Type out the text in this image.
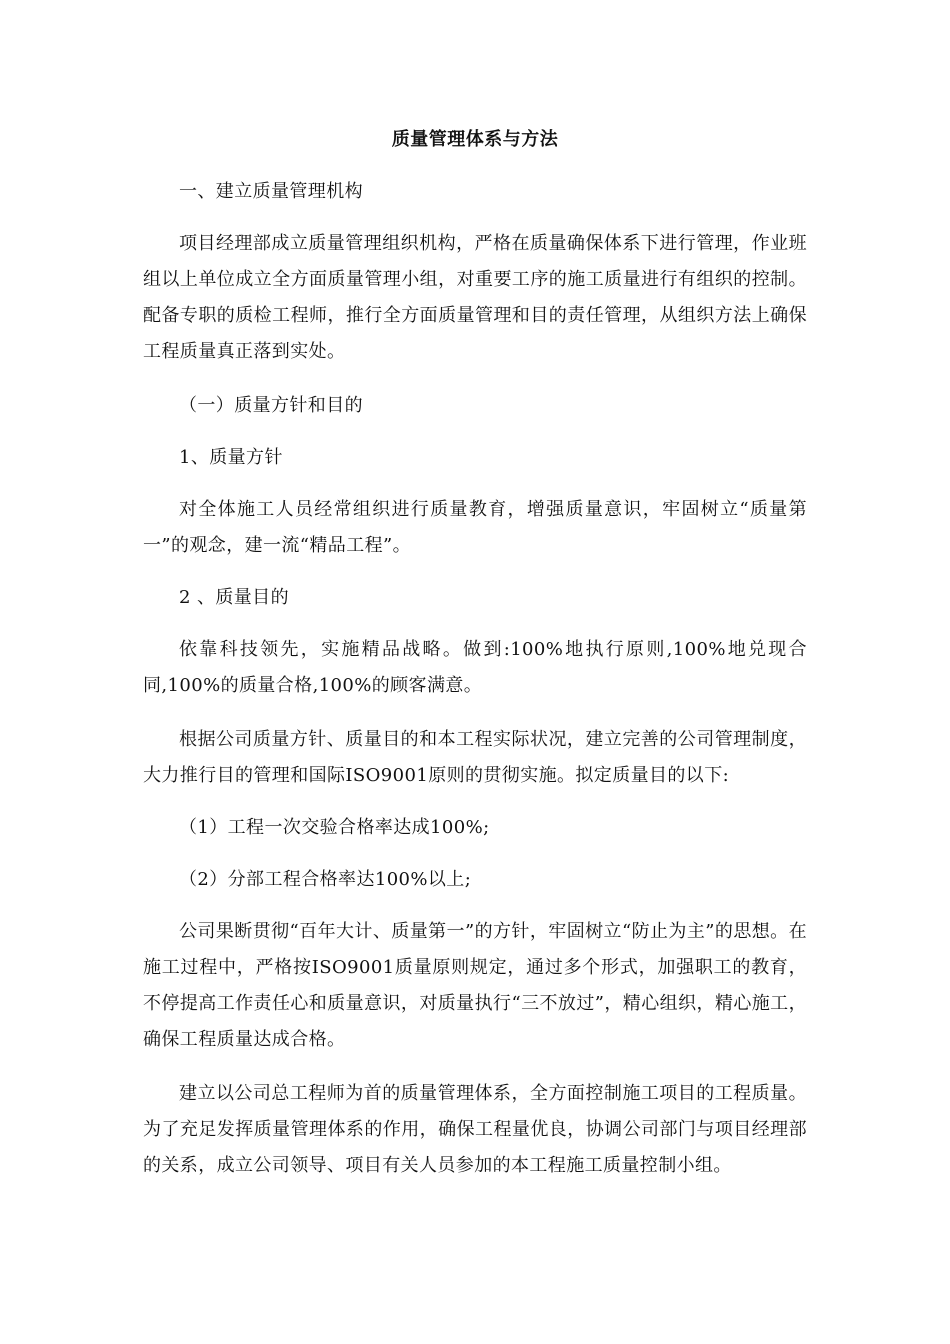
质量管理体系与方法
一、建立质量管理机构
项目经理部成立质量管理组织机构，严格在质量确保体系下进行管理，作业班组以上单位成立全方面质量管理小组，对重要工序的施工质量进行有组织的控制。配备专职的质检工程师，推行全方面质量管理和目的责任管理，从组织方法上确保工程质量真正落到实处。
（一）质量方针和目的
1、质量方针
对全体施工人员经常组织进行质量教育，增强质量意识，牢固树立“质量第一”的观念，建一流“精品工程”。
2 、质量目的
依靠科技领先，实施精品战略。做到:100%地执行原则,100%地兑现合同,100%的质量合格,100%的顾客满意。
根据公司质量方针、质量目的和本工程实际状况，建立完善的公司管理制度，大力推行目的管理和国际ISO9001原则的贯彻实施。拟定质量目的以下:
（1）工程一次交验合格率达成100%;
（2）分部工程合格率达100%以上;
公司果断贯彻“百年大计、质量第一”的方针，牢固树立“防止为主”的思想。在施工过程中，严格按ISO9001质量原则规定，通过多个形式，加强职工的教育，不停提高工作责任心和质量意识，对质量执行“三不放过”，精心组织，精心施工，确保工程质量达成合格。
建立以公司总工程师为首的质量管理体系，全方面控制施工项目的工程质量。为了充足发挥质量管理体系的作用，确保工程量优良，协调公司部门与项目经理部的关系，成立公司领导、项目有关人员参加的本工程施工质量控制小组。
